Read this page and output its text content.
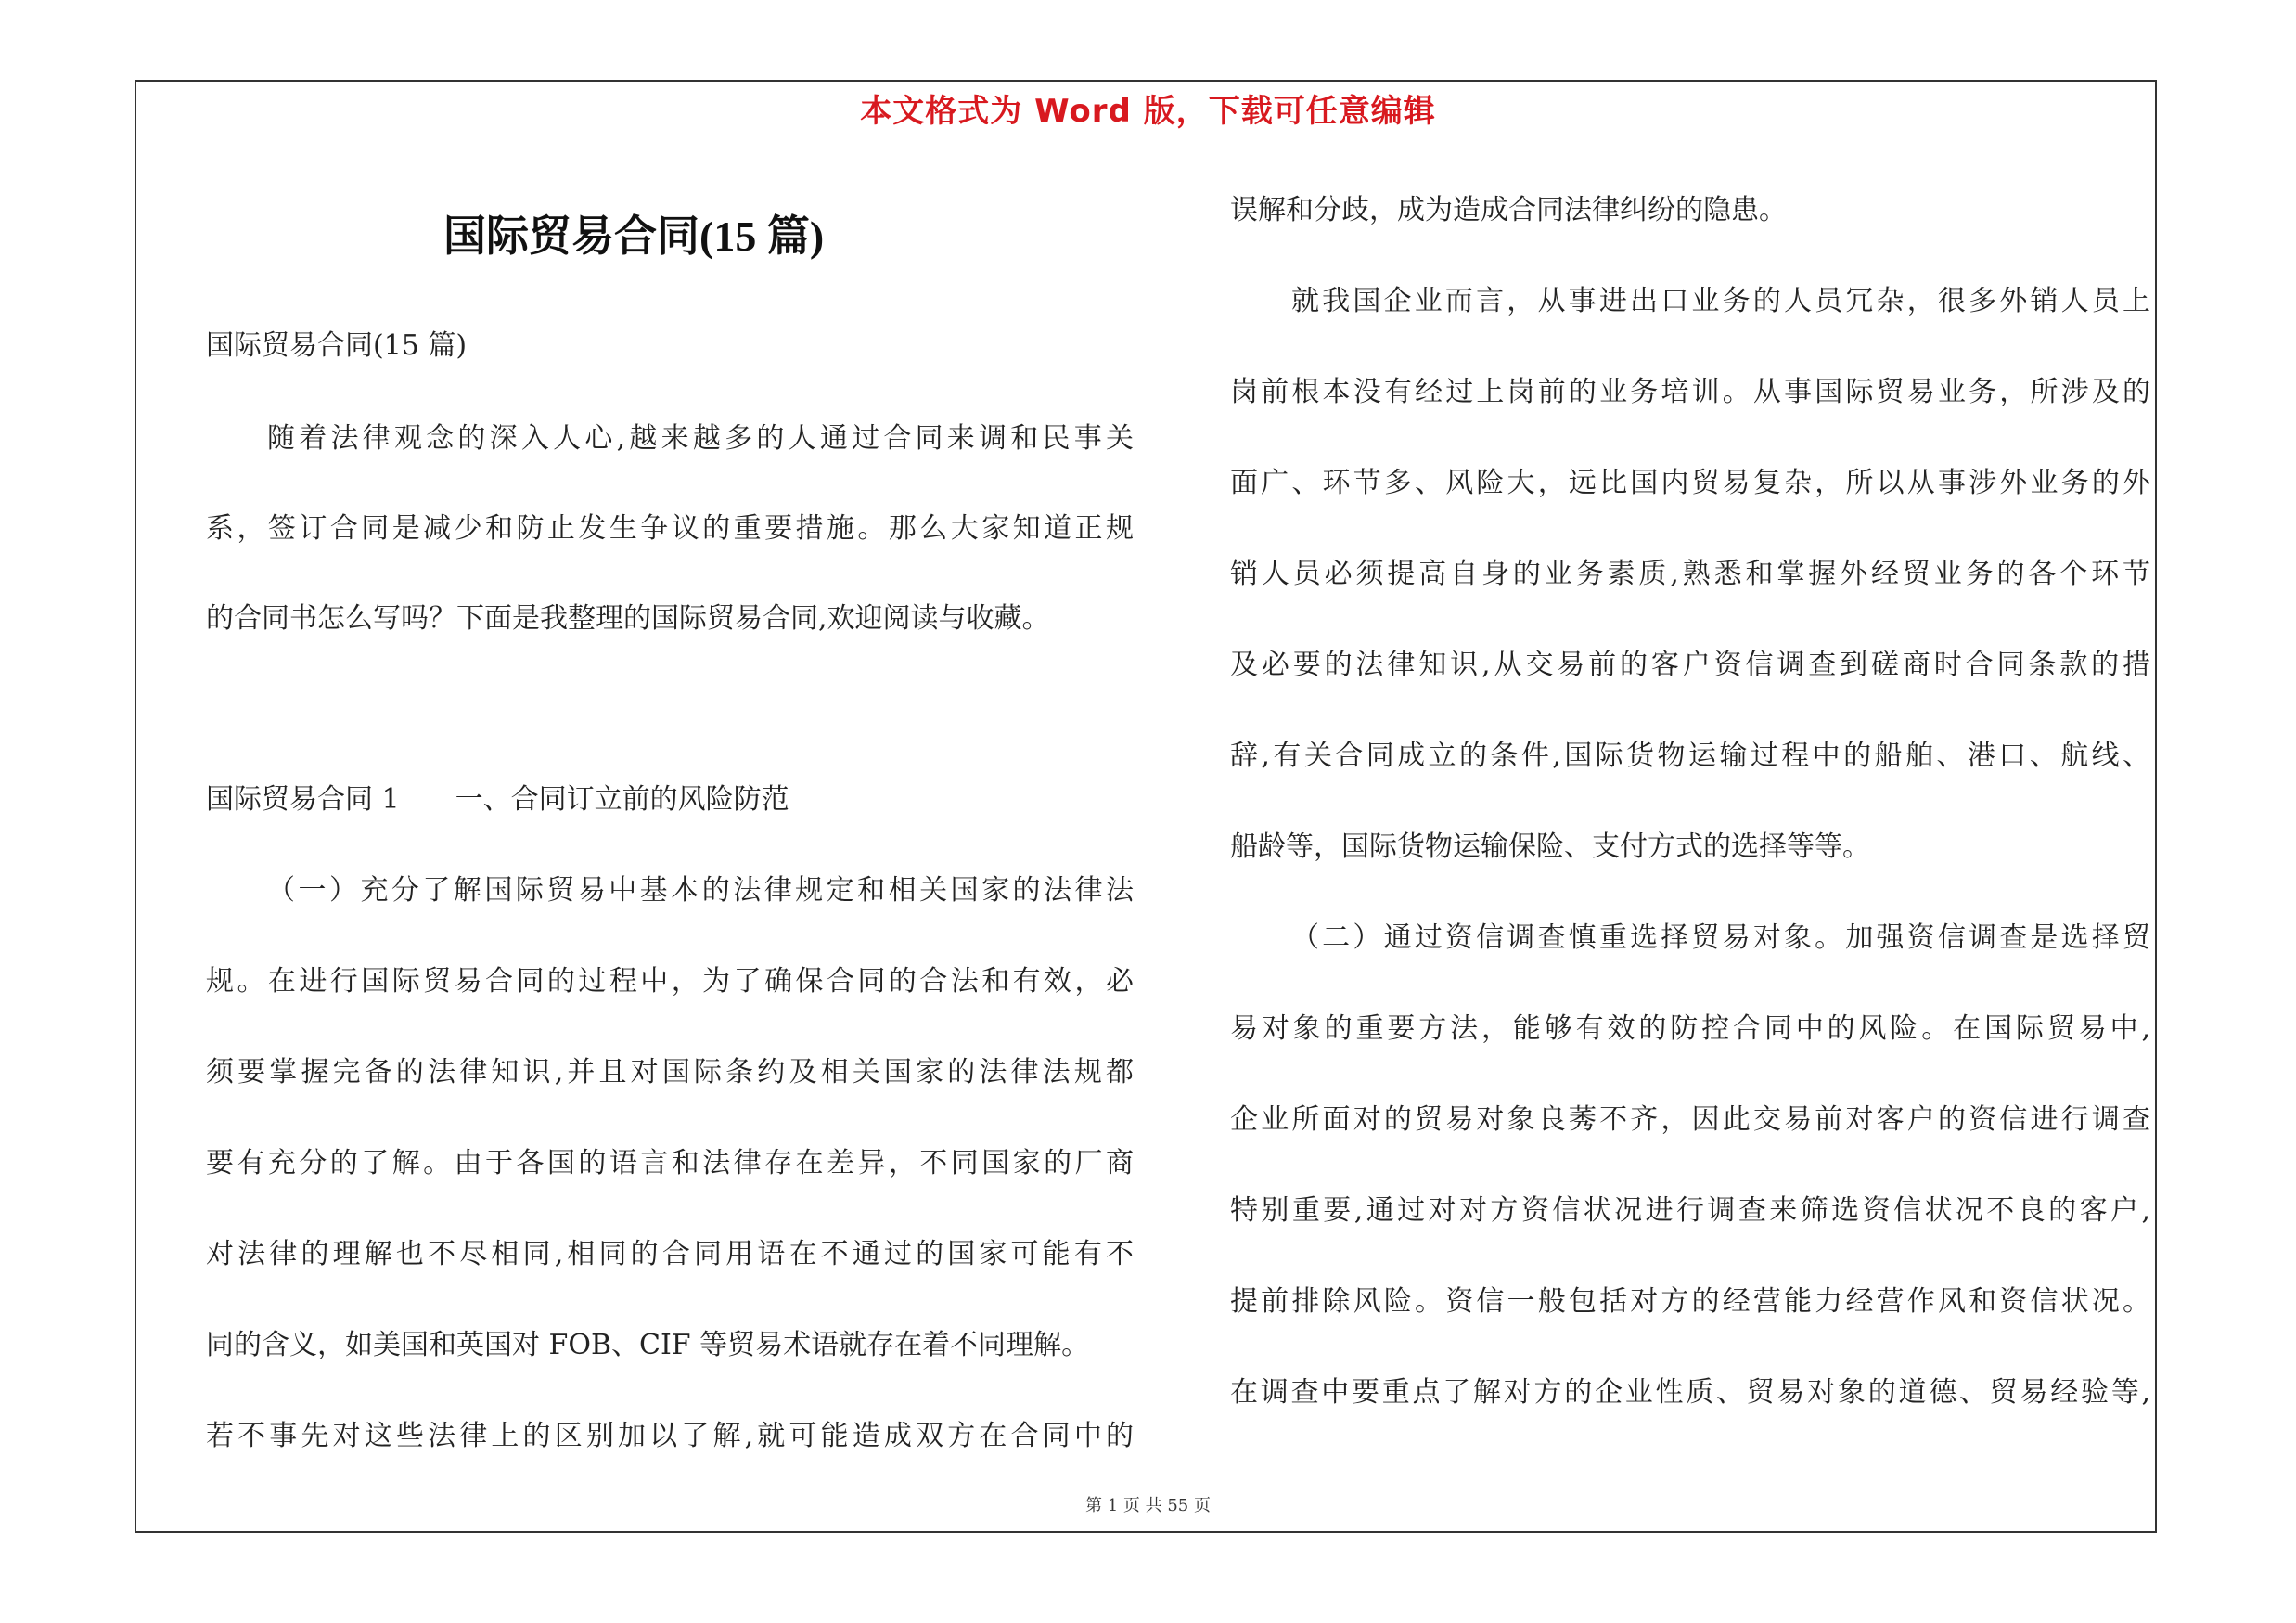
本文格式为 Word 版，下载可任意编辑
国际贸易合同(15 篇)
国际贸易合同(15 篇)
随着法律观念的深入人心,越来越多的人通过合同来调和民事关
系，签订合同是减少和防止发生争议的重要措施。那么大家知道正规
的合同书怎么写吗？下面是我整理的国际贸易合同,欢迎阅读与收藏。
国际贸易合同 1　　一、合同订立前的风险防范
（一）充分了解国际贸易中基本的法律规定和相关国家的法律法
规。在进行国际贸易合同的过程中，为了确保合同的合法和有效，必
须要掌握完备的法律知识,并且对国际条约及相关国家的法律法规都
要有充分的了解。由于各国的语言和法律存在差异，不同国家的厂商
对法律的理解也不尽相同,相同的合同用语在不通过的国家可能有不
同的含义，如美国和英国对 FOB、CIF 等贸易术语就存在着不同理解。
若不事先对这些法律上的区别加以了解,就可能造成双方在合同中的
误解和分歧，成为造成合同法律纠纷的隐患。
就我国企业而言，从事进出口业务的人员冗杂，很多外销人员上
岗前根本没有经过上岗前的业务培训。从事国际贸易业务，所涉及的
面广、环节多、风险大，远比国内贸易复杂，所以从事涉外业务的外
销人员必须提高自身的业务素质,熟悉和掌握外经贸业务的各个环节
及必要的法律知识,从交易前的客户资信调查到磋商时合同条款的措
辞,有关合同成立的条件,国际货物运输过程中的船舶、港口、航线、
船龄等，国际货物运输保险、支付方式的选择等等。
（二）通过资信调查慎重选择贸易对象。加强资信调查是选择贸
易对象的重要方法，能够有效的防控合同中的风险。在国际贸易中,
企业所面对的贸易对象良莠不齐，因此交易前对客户的资信进行调查
特别重要,通过对对方资信状况进行调查来筛选资信状况不良的客户,
提前排除风险。资信一般包括对方的经营能力经营作风和资信状况。
在调查中要重点了解对方的企业性质、贸易对象的道德、贸易经验等,
第 1 页 共 55 页
